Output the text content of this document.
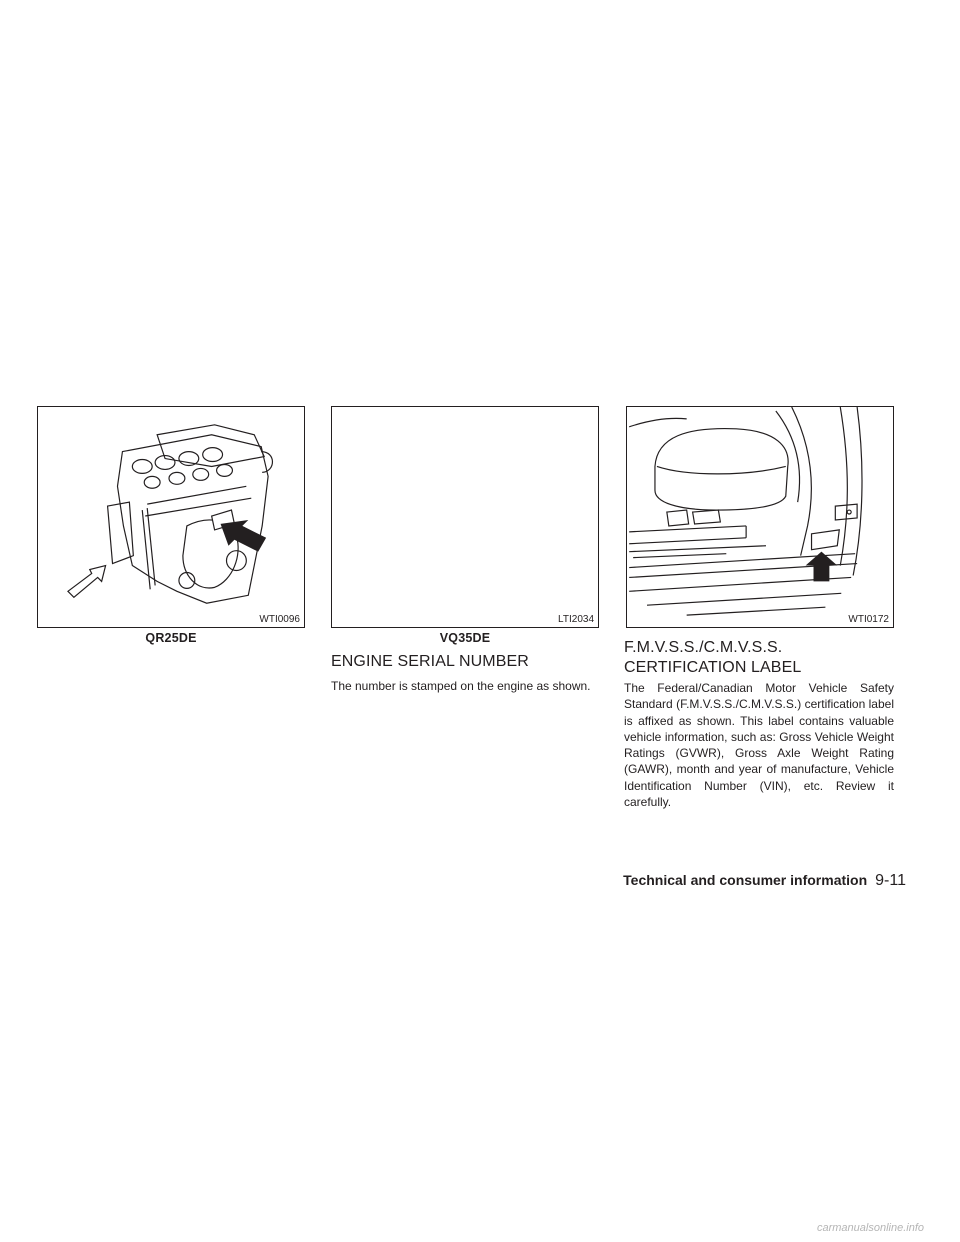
WTI0096
QR25DE
LTI2034
VQ35DE
WTI0172
ENGINE SERIAL NUMBER
The number is stamped on the engine as shown.
F.M.V.S.S./C.M.V.S.S.
CERTIFICATION LABEL
The Federal/Canadian Motor Vehicle Safety Standard (F.M.V.S.S./C.M.V.S.S.) certification label is affixed as shown. This label contains valuable vehicle information, such as: Gross Vehicle Weight Ratings (GVWR), Gross Axle Weight Rating (GAWR), month and year of manufacture, Vehicle Identification Number (VIN), etc. Review it carefully.
Technical and consumer information 9-11
carmanualsonline.info
